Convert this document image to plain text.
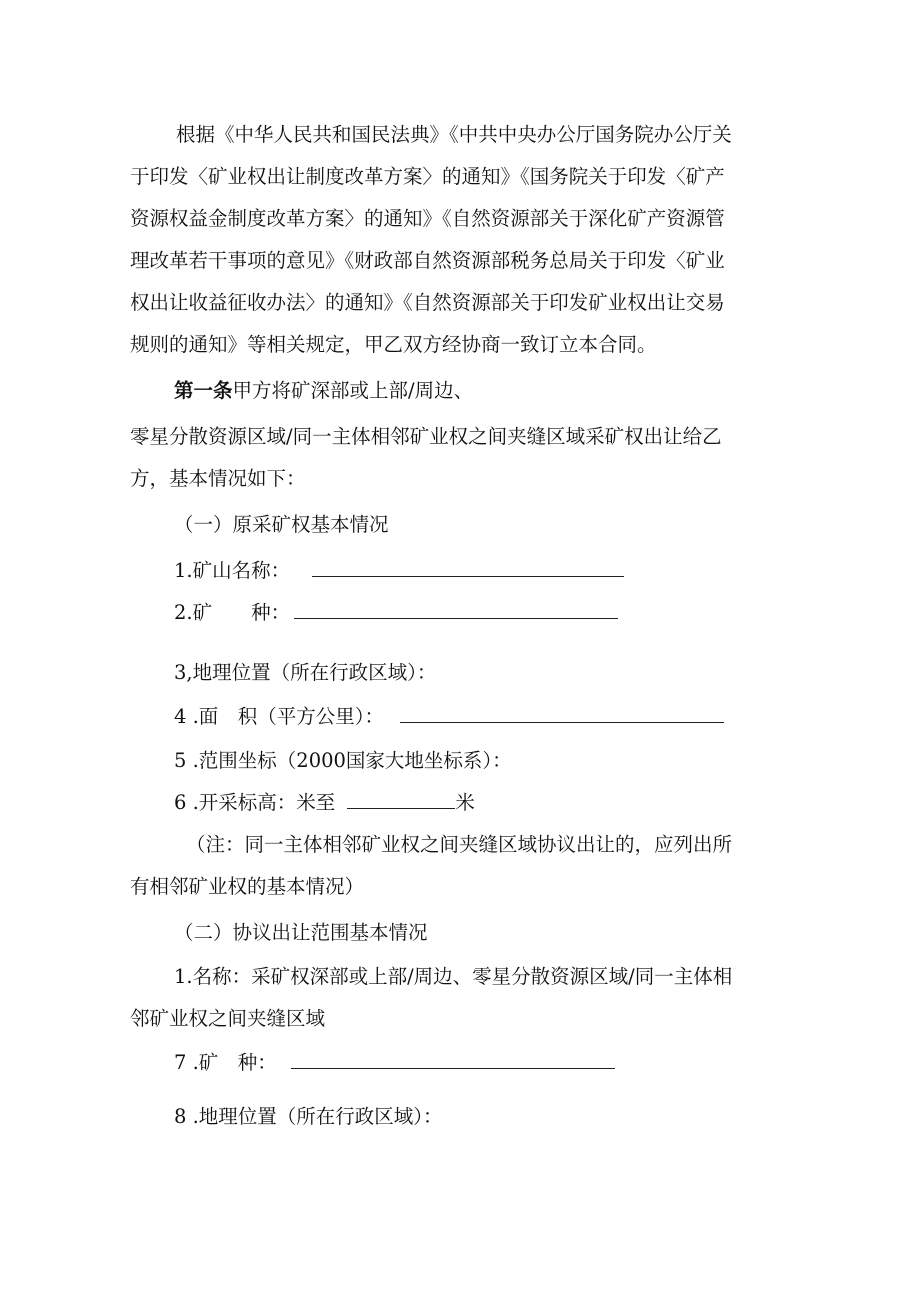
根据《中华人民共和国民法典》《中共中央办公厅国务院办公厅关
于印发〈矿业权出让制度改革方案〉的通知》《国务院关于印发〈矿产
资源权益金制度改革方案〉的通知》《自然资源部关于深化矿产资源管
理改革若干事项的意见》《财政部自然资源部税务总局关于印发〈矿业
权出让收益征收办法〉的通知》《自然资源部关于印发矿业权出让交易
规则的通知》等相关规定，甲乙双方经协商一致订立本合同。
第一条甲方将矿深部或上部/周边、
零星分散资源区域/同一主体相邻矿业权之间夹缝区域采矿权出让给乙
方，基本情况如下：
（一）原采矿权基本情况
1.矿山名称：
2.矿　　种：
3,地理位置（所在行政区域）：
4 .面　积（平方公里）：
5 .范围坐标（2000国家大地坐标系）：
6 .开采标高：米至	米
（注：同一主体相邻矿业权之间夹缝区域协议出让的，应列出所
有相邻矿业权的基本情况）
（二）协议出让范围基本情况
1.名称：采矿权深部或上部/周边、零星分散资源区域/同一主体相
邻矿业权之间夹缝区域
7 .矿　种：
8 .地理位置（所在行政区域）：
